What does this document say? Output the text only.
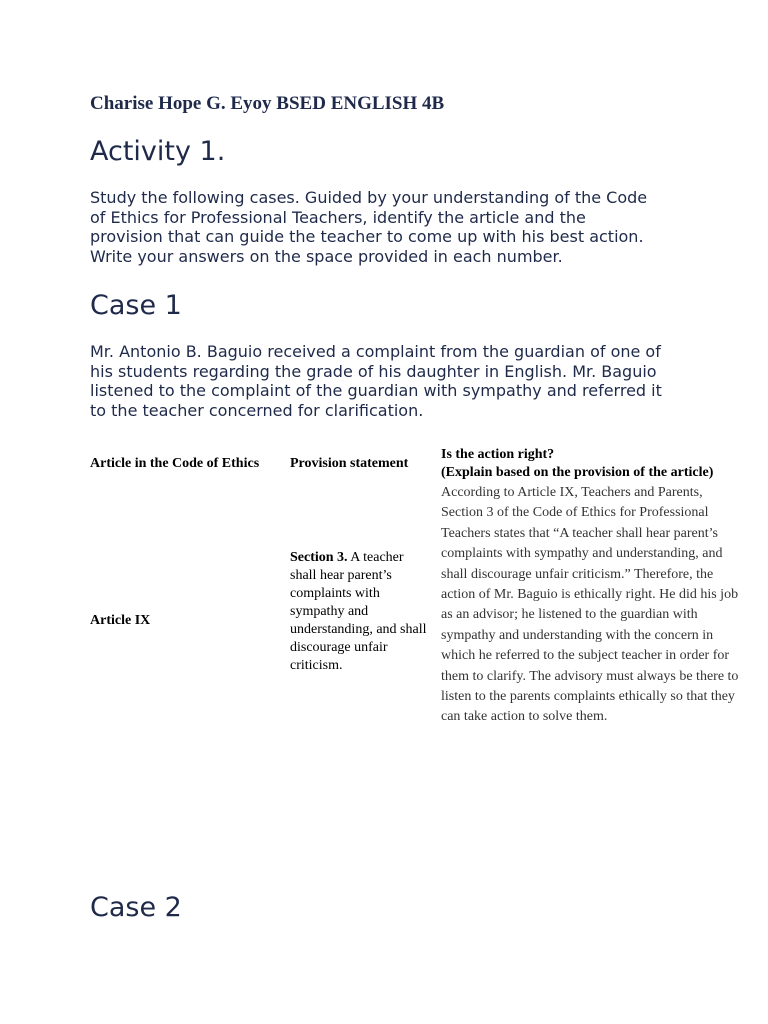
Charise Hope G. Eyoy BSED ENGLISH 4B
Activity 1.
Study the following cases. Guided by your understanding of the Code
of Ethics for Professional Teachers, identify the article and the
provision that can guide the teacher to come up with his best action.
Write your answers on the space provided in each number.
Case 1
Mr. Antonio B. Baguio received a complaint from the guardian of one of
his students regarding the grade of his daughter in English. Mr. Baguio
listened to the complaint of the guardian with sympathy and referred it
to the teacher concerned for clarification.
Article in the Code of Ethics Provision statement
Is the action right?
(Explain based on the provision of the article)
Article IX
Section 3. A teacher
shall hear parent’s
complaints with
sympathy and
understanding, and shall
discourage unfair
criticism.
According to Article IX, Teachers and Parents,
Section 3 of the Code of Ethics for Professional
Teachers states that “A teacher shall hear parent’s
complaints with sympathy and understanding, and
shall discourage unfair criticism.” Therefore, the
action of Mr. Baguio is ethically right. He did his job
as an advisor; he listened to the guardian with
sympathy and understanding with the concern in
which he referred to the subject teacher in order for
them to clarify. The advisory must always be there to
listen to the parents complaints ethically so that they
can take action to solve them.
Case 2
